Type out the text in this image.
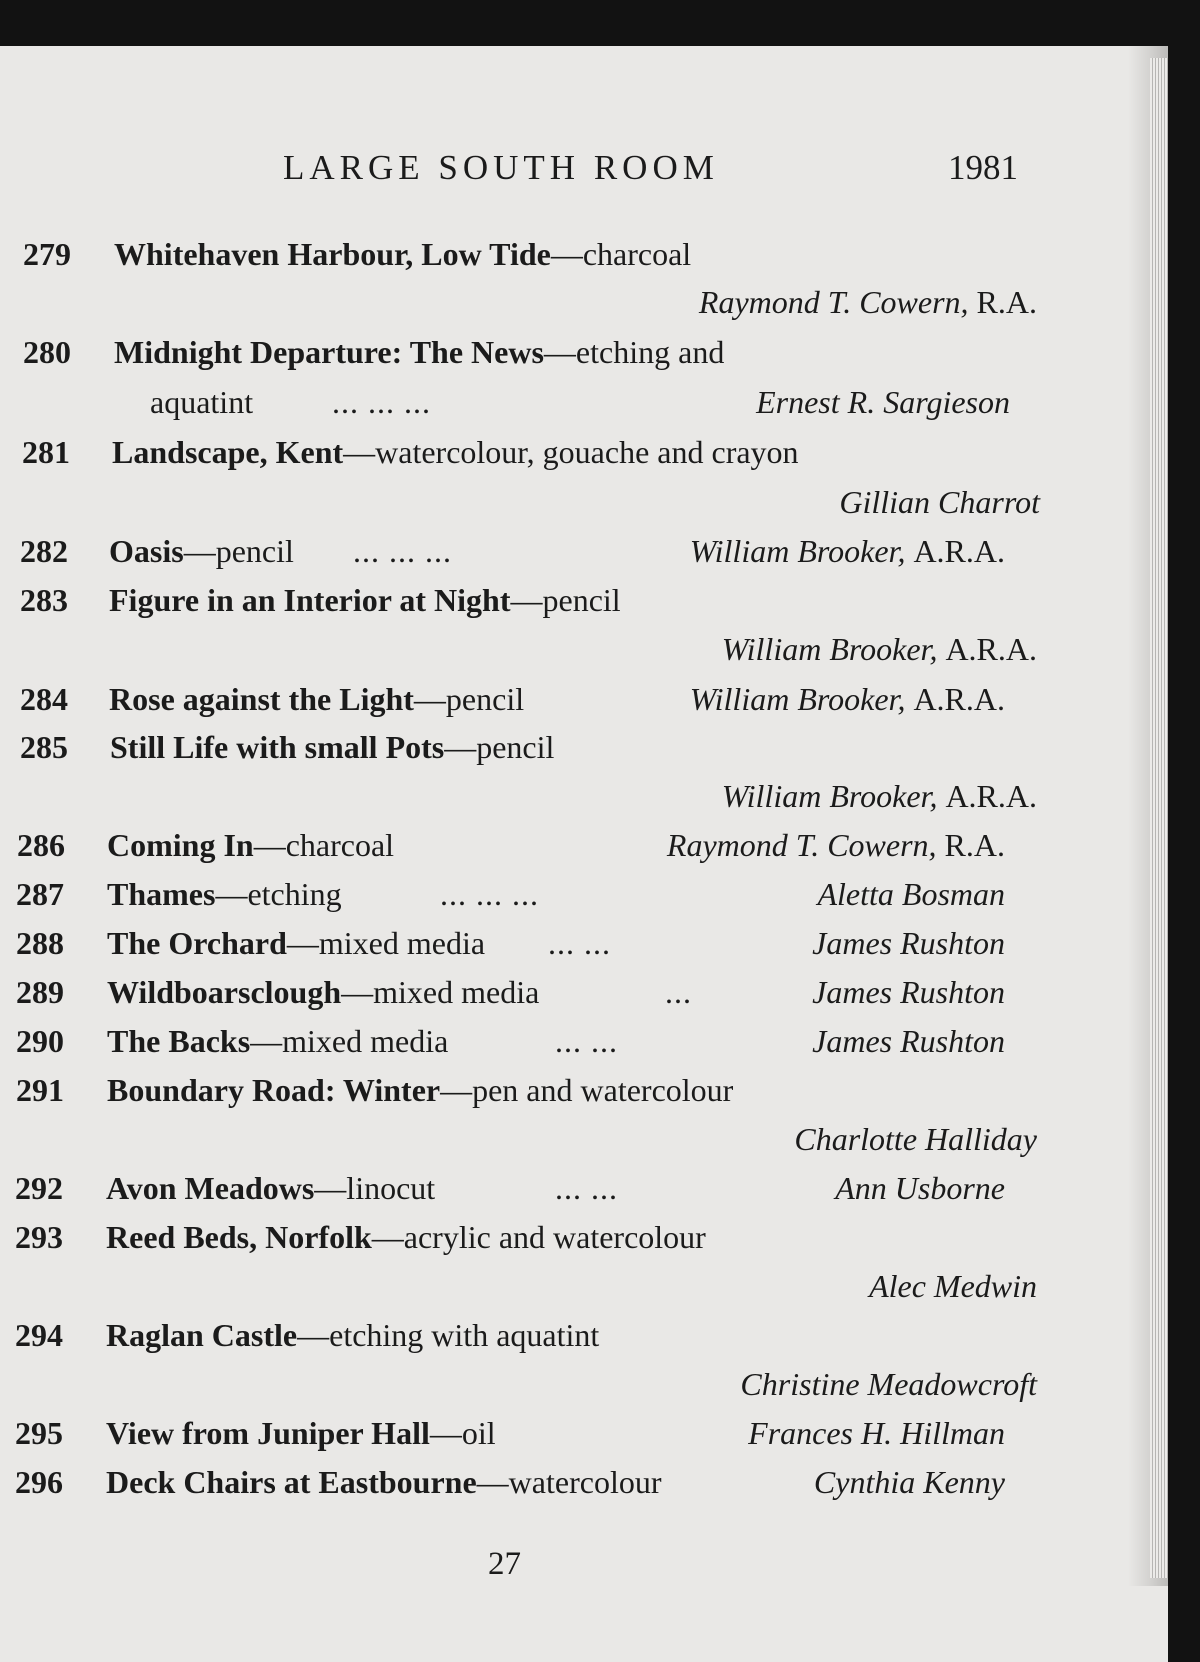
LARGE SOUTH ROOM	1981
279 Whitehaven Harbour, Low Tide—charcoal
Raymond T. Cowern, R.A.
280 Midnight Departure: The News—etching and
aquatint ... ... ...	Ernest R. Sargieson
281 Landscape, Kent—watercolour, gouache and crayon
Gillian Charrot
282 Oasis—pencil ... ... ...	William Brooker, A.R.A.
283 Figure in an Interior at Night—pencil
William Brooker, A.R.A.
284 Rose against the Light—pencil	William Brooker, A.R.A.
285 Still Life with small Pots—pencil
William Brooker, A.R.A.
286 Coming In—charcoal	Raymond T. Cowern, R.A.
287 Thames—etching	... ... ...	Aletta Bosman
288 The Orchard—mixed media ... ...	James Rushton
289 Wildboarsclough—mixed media	...	James Rushton
290 The Backs—mixed media	... ...	James Rushton
291 Boundary Road: Winter—pen and watercolour
Charlotte Halliday
292 Avon Meadows—linocut	... ...	Ann Usborne
293 Reed Beds, Norfolk—acrylic and watercolour
Alec Medwin
294 Raglan Castle—etching with aquatint
Christine Meadowcroft
295 View from Juniper Hall—oil	Frances H. Hillman
296 Deck Chairs at Eastbourne—watercolour	Cynthia Kenny
27
